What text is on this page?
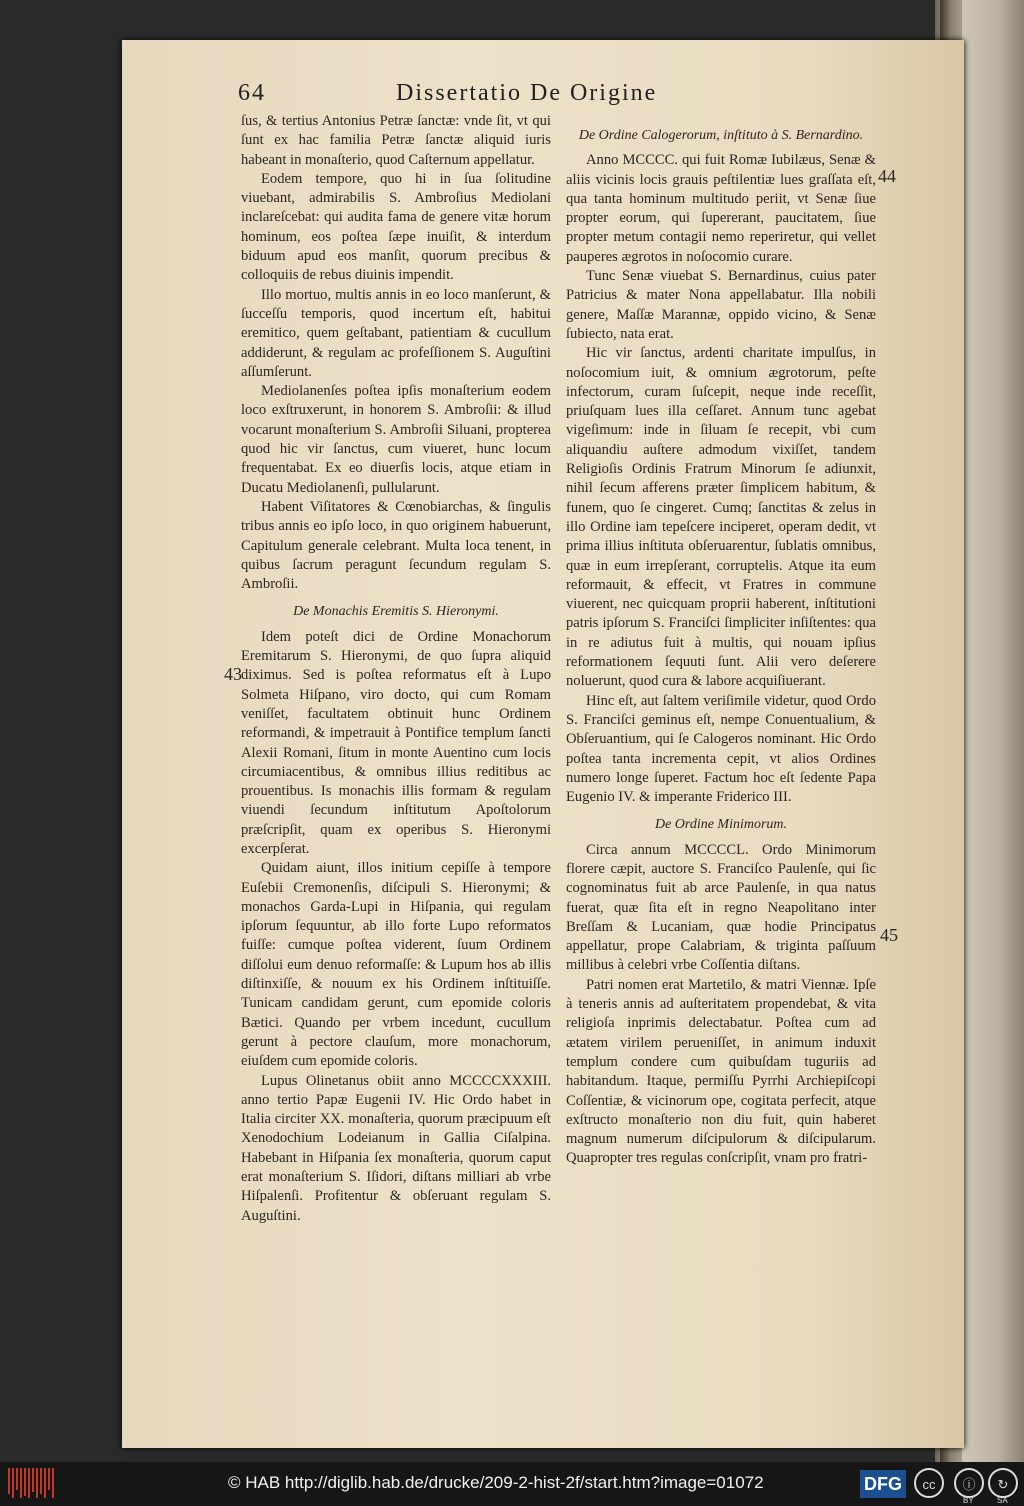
64	Dissertatio De Origine

ſus, & tertius Antonius Petræ ſanctæ: vnde ſit, vt qui ſunt ex hac familia Petræ ſanctæ aliquid iuris habeant in monaſterio, quod Caſternum appellatur.

Eodem tempore, quo hi in ſua ſolitudine viuebant, admirabilis S. Ambroſius Mediolani inclareſcebat: qui audita fama de genere vitæ horum hominum, eos poſtea ſæpe inuiſit, & interdum biduum apud eos manſit, quorum precibus & colloquiis de rebus diuinis impendit.

Illo mortuo, multis annis in eo loco manſerunt, & ſucceſſu temporis, quod incertum eſt, habitui eremitico, quem geſtabant, patientiam & cucullum addiderunt, & regulam ac profeſſionem S. Auguſtini aſſumſerunt.

Mediolanenſes poſtea ipſis monaſterium eodem loco exſtruxerunt, in honorem S. Ambroſii: & illud vocarunt monaſterium S. Ambroſii Siluani, propterea quod hic vir ſanctus, cum viueret, hunc locum frequentabat. Ex eo diuerſis locis, atque etiam in Ducatu Mediolanenſi, pullularunt.

Habent Viſitatores & Cœnobiarchas, & ſingulis tribus annis eo ipſo loco, in quo originem habuerunt, Capitulum generale celebrant. Multa loca tenent, in quibus ſacrum peragunt ſecundum regulam S. Ambroſii.

De Monachis Eremitis S. Hieronymi.

Idem poteſt dici de Ordine Monachorum Eremitarum S. Hieronymi, de quo ſupra aliquid diximus. Sed is poſtea reformatus eſt à Lupo Solmeta Hiſpano, viro docto, qui cum Romam veniſſet, facultatem obtinuit hunc Ordinem reformandi, & impetrauit à Pontifice templum ſancti Alexii Romani, ſitum in monte Auentino cum locis circumiacentibus, & omnibus illius reditibus ac prouentibus. Is monachis illis formam & regulam viuendi ſecundum inſtitutum Apoſtolorum præſcripſit, quam ex operibus S. Hieronymi excerpſerat.

Quidam aiunt, illos initium cepiſſe à tempore Euſebii Cremonenſis, diſcipuli S. Hieronymi; & monachos Garda-Lupi in Hiſpania, qui regulam ipſorum ſequuntur, ab illo forte Lupo reformatos fuiſſe: cumque poſtea viderent, ſuum Ordinem diſſolui eum denuo reformaſſe: & Lupum hos ab illis diſtinxiſſe, & nouum ex his Ordinem inſtituiſſe. Tunicam candidam gerunt, cum epomide coloris Bætici. Quando per vrbem incedunt, cucullum gerunt à pectore clauſum, more monachorum, eiuſdem cum epomide coloris.

Lupus Olinetanus obiit anno MCCCCXXXIII. anno tertio Papæ Eugenii IV. Hic Ordo habet in Italia circiter XX. monaſteria, quorum præcipuum eſt Xenodochium Lodeianum in Gallia Ciſalpina. Habebant in Hiſpania ſex monaſteria, quorum caput erat monaſterium S. Iſidori, diſtans milliari ab vrbe Hiſpalenſi. Profitentur & obſeruant regulam S. Auguſtini.

De Ordine Calogerorum, inſtituto à S. Bernardino.

Anno MCCCC. qui fuit Romæ Iubilæus, Senæ & aliis vicinis locis grauis peſtilentiæ lues graſſata eſt, qua tanta hominum multitudo periit, vt Senæ ſiue propter eorum, qui ſupererant, paucitatem, ſiue propter metum contagii nemo reperiretur, qui vellet pauperes ægrotos in noſocomio curare.

Tunc Senæ viuebat S. Bernardinus, cuius pater Patricius & mater Nona appellabatur. Illa nobili genere, Maſſæ Marannæ, oppido vicino, & Senæ ſubiecto, nata erat.

Hic vir ſanctus, ardenti charitate impulſus, in noſocomium iuit, & omnium ægrotorum, peſte infectorum, curam ſuſcepit, neque inde receſſit, priuſquam lues illa ceſſaret. Annum tunc agebat vigeſimum: inde in ſiluam ſe recepit, vbi cum aliquandiu auſtere admodum vixiſſet, tandem Religioſis Ordinis Fratrum Minorum ſe adiunxit, nihil ſecum afferens præter ſimplicem habitum, & funem, quo ſe cingeret. Cumq; ſanctitas & zelus in illo Ordine iam tepeſcere inciperet, operam dedit, vt prima illius inſtituta obſeruarentur, ſublatis omnibus, quæ in eum irrepſerant, corruptelis. Atque ita eum reformauit, & effecit, vt Fratres in commune viuerent, nec quicquam proprii haberent, inſtitutioni patris ipſorum S. Franciſci ſimpliciter inſiſtentes: qua in re adiutus fuit à multis, qui nouam ipſius reformationem ſequuti ſunt. Alii vero deſerere noluerunt, quod cura & labore acquiſiuerant.

Hinc eſt, aut ſaltem veriſimile videtur, quod Ordo S. Franciſci geminus eſt, nempe Conuentualium, & Obſeruantium, qui ſe Calogeros nominant. Hic Ordo poſtea tanta incrementa cepit, vt alios Ordines numero longe ſuperet. Factum hoc eſt ſedente Papa Eugenio IV. & imperante Friderico III.

De Ordine Minimorum.

Circa annum MCCCCL. Ordo Minimorum florere cæpit, auctore S. Franciſco Paulenſe, qui ſic cognominatus fuit ab arce Paulenſe, in qua natus fuerat, quæ ſita eſt in regno Neapolitano inter Breſſam & Lucaniam, quæ hodie Principatus appellatur, prope Calabriam, & triginta paſſuum millibus à celebri vrbe Coſſentia diſtans.

Patri nomen erat Martetilo, & matri Viennæ. Ipſe à teneris annis ad auſteritatem propendebat, & vita religioſa inprimis delectabatur. Poſtea cum ad ætatem virilem perueniſſet, in animum induxit templum condere cum quibuſdam tuguriis ad habitandum. Itaque, permiſſu Pyrrhi Archiepiſcopi Coſſentiæ, & vicinorum ope, cogitata perfecit, atque exſtructo monaſterio non diu fuit, quin haberet magnum numerum diſcipulorum & diſcipularum. Quapropter tres regulas conſcripſit, vnam pro fratri-

43
44
45
© HAB http://diglib.hab.de/drucke/209-2-hist-2f/start.htm?image=01072	DFG	cc	ⓘ	↻
BY	SA
